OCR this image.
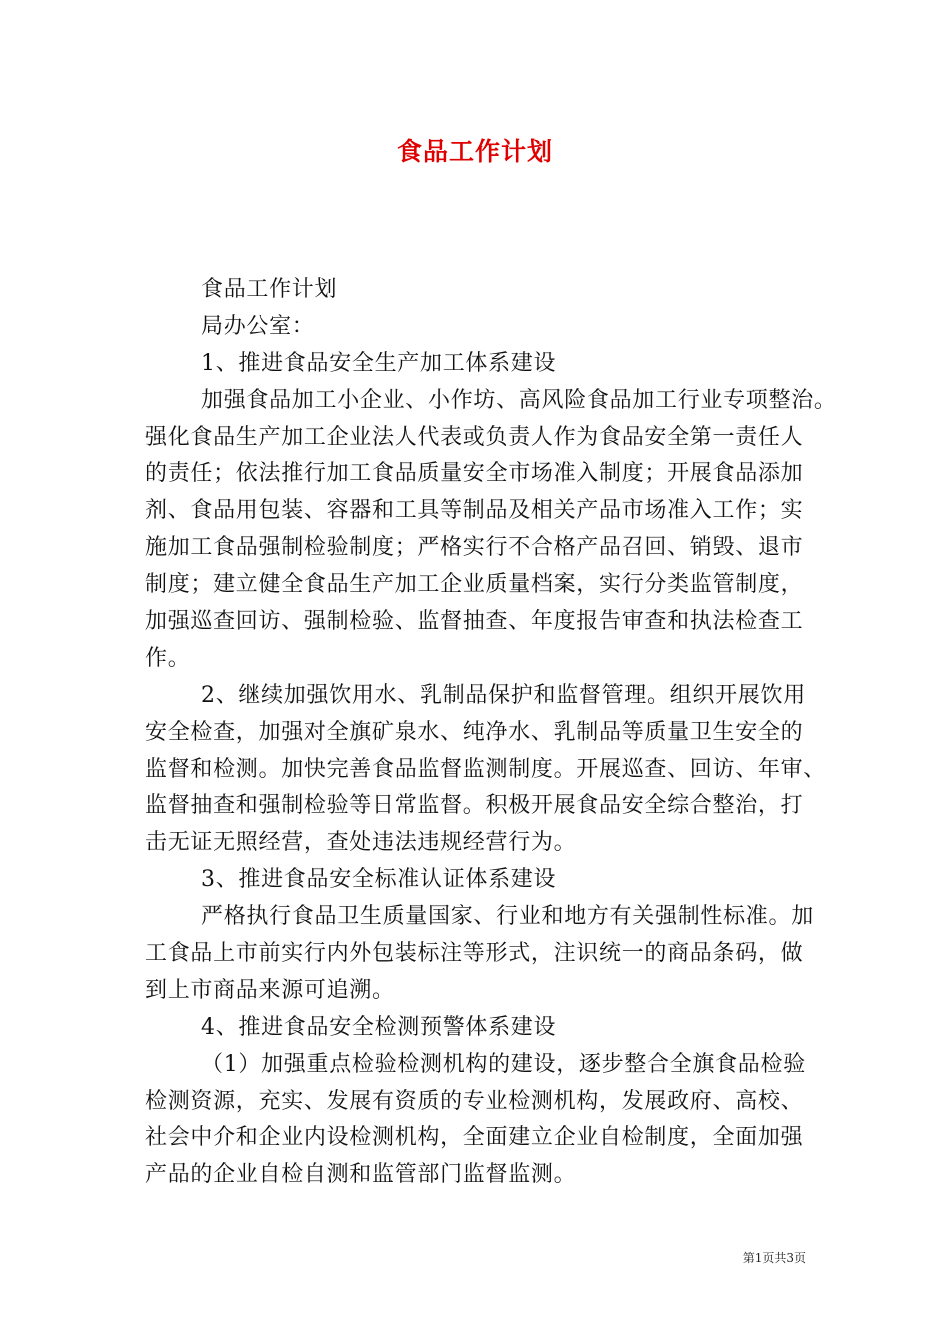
食品工作计划
食品工作计划
局办公室：
1、推进食品安全生产加工体系建设
加强食品加工小企业、小作坊、高风险食品加工行业专项整治。
强化食品生产加工企业法人代表或负责人作为食品安全第一责任人
的责任；依法推行加工食品质量安全市场准入制度；开展食品添加
剂、食品用包装、容器和工具等制品及相关产品市场准入工作；实
施加工食品强制检验制度；严格实行不合格产品召回、销毁、退市
制度；建立健全食品生产加工企业质量档案，实行分类监管制度，
加强巡查回访、强制检验、监督抽查、年度报告审查和执法检查工
作。
2、继续加强饮用水、乳制品保护和监督管理。组织开展饮用
安全检查，加强对全旗矿泉水、纯净水、乳制品等质量卫生安全的
监督和检测。加快完善食品监督监测制度。开展巡查、回访、年审、
监督抽查和强制检验等日常监督。积极开展食品安全综合整治，打
击无证无照经营，查处违法违规经营行为。
3、推进食品安全标准认证体系建设
严格执行食品卫生质量国家、行业和地方有关强制性标准。加
工食品上市前实行内外包装标注等形式，注识统一的商品条码，做
到上市商品来源可追溯。
4、推进食品安全检测预警体系建设
（1）加强重点检验检测机构的建设，逐步整合全旗食品检验
检测资源，充实、发展有资质的专业检测机构，发展政府、高校、
社会中介和企业内设检测机构，全面建立企业自检制度，全面加强
产品的企业自检自测和监管部门监督监测。
第1页共3页
